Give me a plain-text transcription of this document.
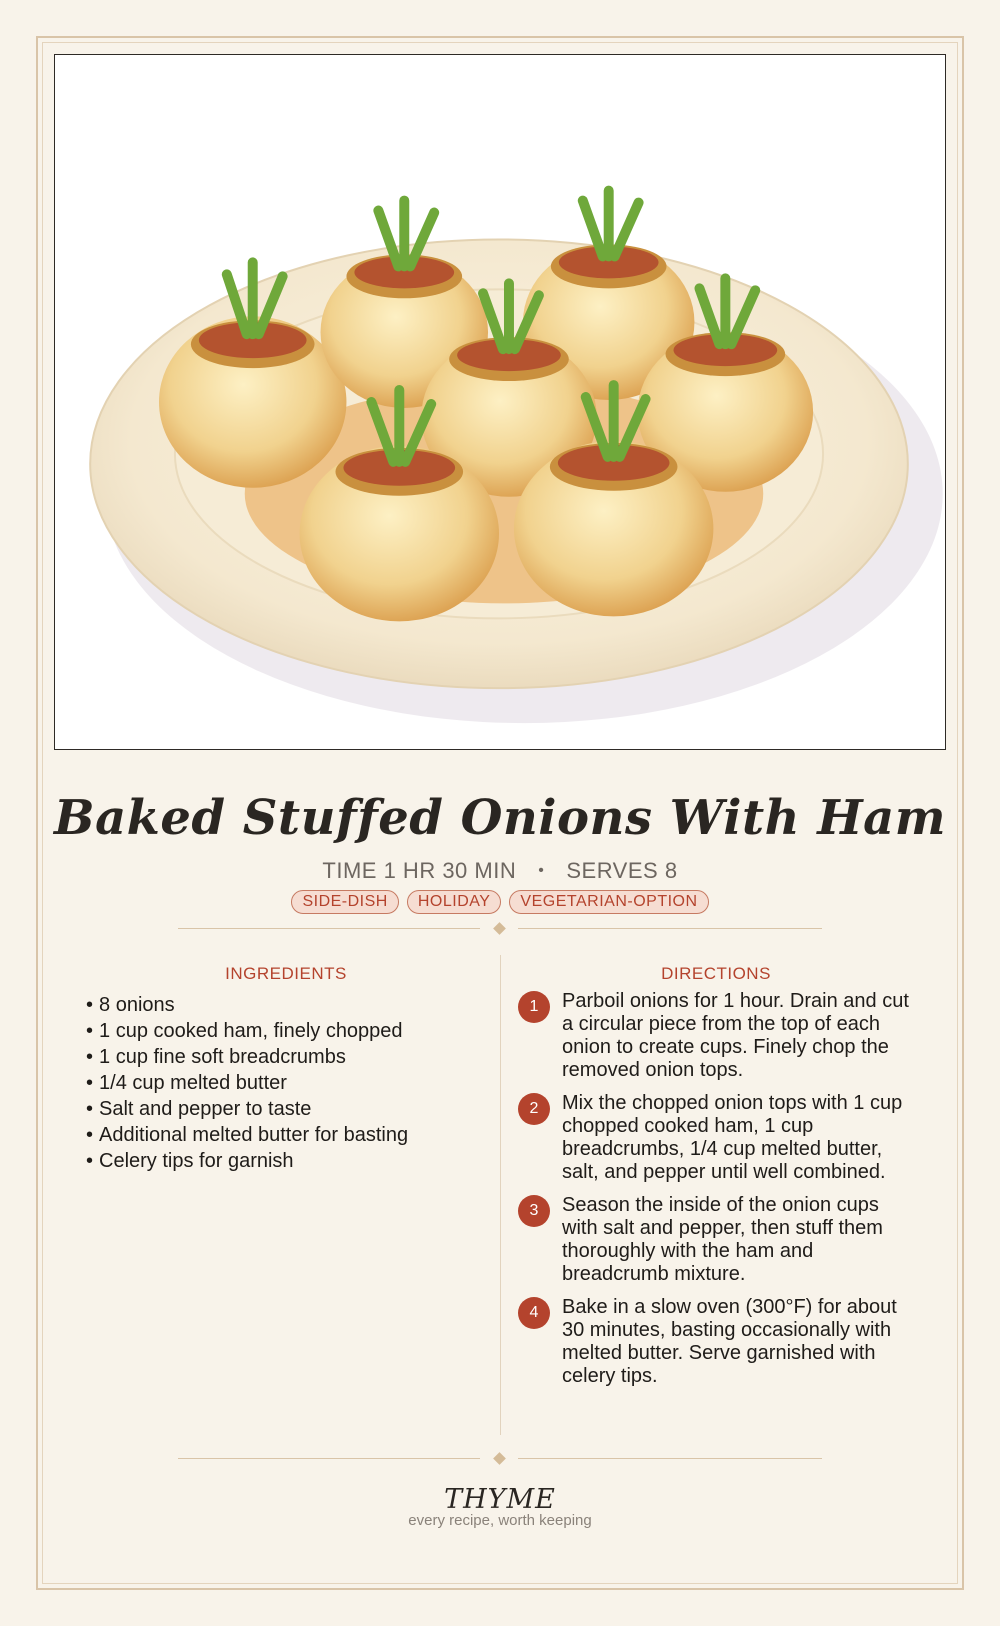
Baked Stuffed Onions With Ham
TIME 1 HR 30 MIN • SERVES 8
SIDE-DISH HOLIDAY VEGETARIAN-OPTION
INGREDIENTS
• 8 onions
• 1 cup cooked ham, finely chopped
• 1 cup fine soft breadcrumbs
• 1/4 cup melted butter
• Salt and pepper to taste
• Additional melted butter for basting
• Celery tips for garnish
DIRECTIONS
1	Parboil onions for 1 hour. Drain and cut a circular piece from the top of each onion to create cups. Finely chop the removed onion tops.

2	Mix the chopped onion tops with 1 cup chopped cooked ham, 1 cup breadcrumbs, 1/4 cup melted butter, salt, and pepper until well combined.

3	Season the inside of the onion cups with salt and pepper, then stuff them thoroughly with the ham and breadcrumb mixture.

4	Bake in a slow oven (300°F) for about 30 minutes, basting occasionally with melted butter. Serve garnished with celery tips.

THYME
every recipe, worth keeping
